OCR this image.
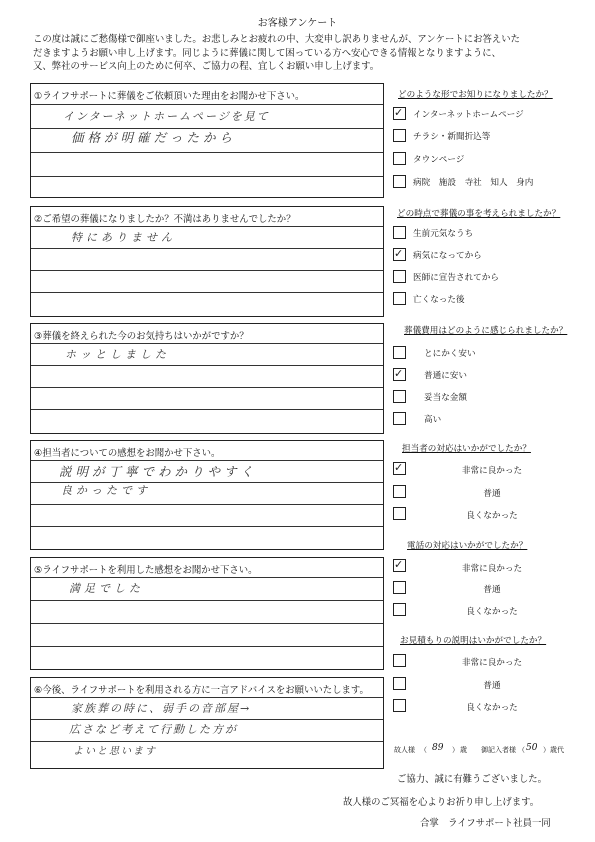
お客様アンケート
この度は誠にご愁傷様で御座いました。お悲しみとお疲れの中、大変申し訳ありませんが、アンケートにお答えいた
だきますようお願い申し上げます。同じように葬儀に関して困っている方へ安心できる情報となりますように、
又、弊社のサービス向上のために何卒、ご協力の程、宜しくお願い申し上げます。
①ライフサポートに葬儀をご依頼頂いた理由をお聞かせ下さい。
インターネットホームページを見て
価格が明確だったから
②ご希望の葬儀になりましたか？不満はありませんでしたか？
特にありません
③葬儀を終えられた今のお気持ちはいかがですか？
ホッとしました
④担当者についての感想をお聞かせ下さい。
説明が丁寧でわかりやすく
良かったです
⑤ライフサポートを利用した感想をお聞かせ下さい。
満足でした
⑥今後、ライフサポートを利用される方に一言アドバイスをお願いいたします。
家族葬の時に、弱手の音部屋→
広さなど考えて行動した方が
よいと思います
どのような形でお知りになりましたか？
✓ インターネットホームページ
チラシ・新聞折込等
タウンページ
病院　施設　寺社　知人　身内
どの時点で葬儀の事を考えられましたか？
生前元気なうち
✓ 病気になってから
医師に宣告されてから
亡くなった後
葬儀費用はどのように感じられましたか？
とにかく安い
✓ 普通に安い
妥当な金額
高い
担当者の対応はいかがでしたか？
✓	非常に良かった
普通
良くなかった
電話の対応はいかがでしたか？
✓	非常に良かった
普通
良くなかった
お見積もりの説明はいかがでしたか？
非常に良かった
普通
良くなかった
故人様 （ 89 ） 歳 御記入者様 （ 50 ） 歳代
ご協力、誠に有難うございました。
故人様のご冥福を心よりお祈り申し上げます。
合掌　ライフサポート社員一同
